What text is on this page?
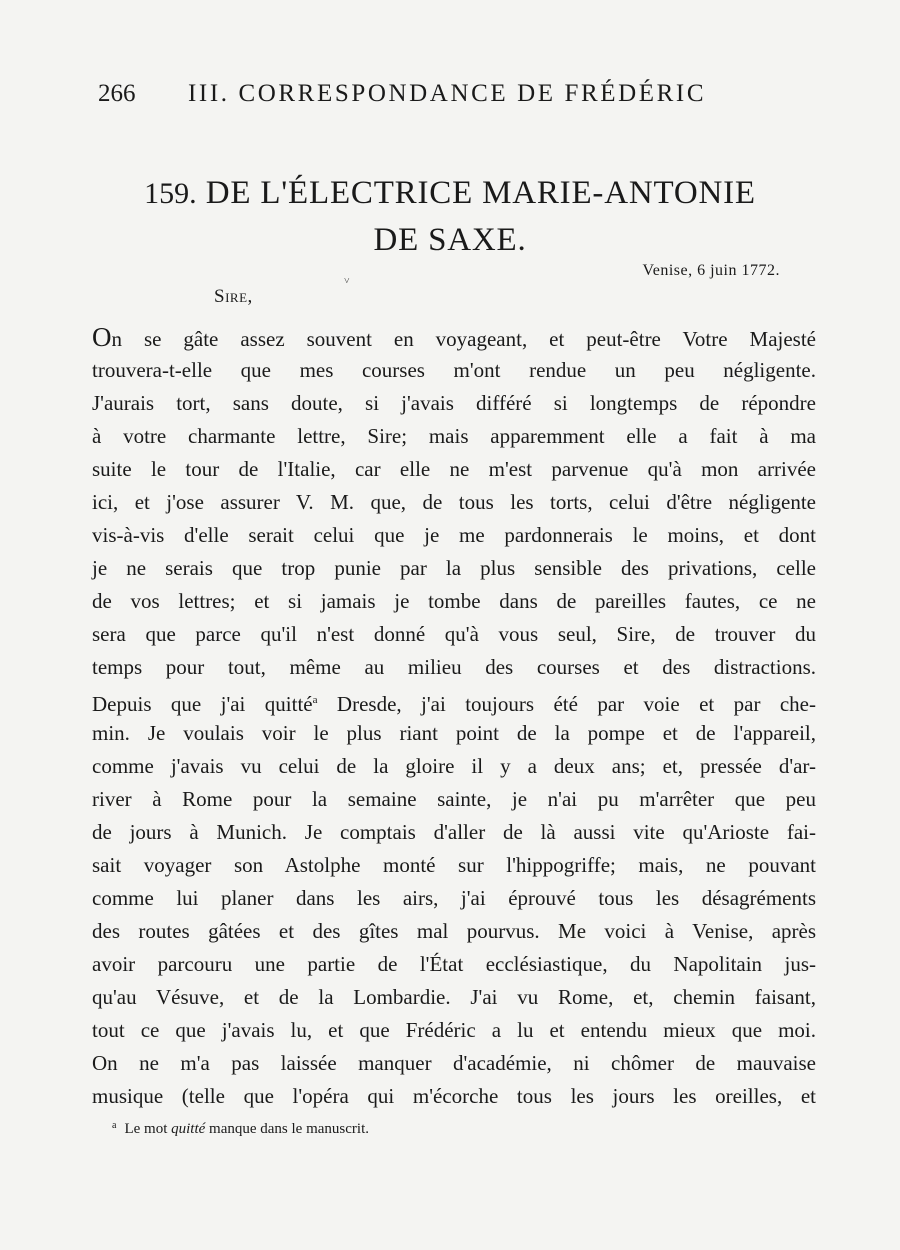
266 III. CORRESPONDANCE DE FRÉDÉRIC
159. DE L'ÉLECTRICE MARIE-ANTONIE
DE SAXE.
˅
Venise, 6 juin 1772.
Sire,
On se gâte assez souvent en voyageant, et peut-être Votre Majesté
trouvera-t-elle que mes courses m'ont rendue un peu négligente.
J'aurais tort, sans doute, si j'avais différé si longtemps de répondre
à votre charmante lettre, Sire; mais apparemment elle a fait à ma
suite le tour de l'Italie, car elle ne m'est parvenue qu'à mon arrivée
ici, et j'ose assurer V. M. que, de tous les torts, celui d'être négligente
vis-à-vis d'elle serait celui que je me pardonnerais le moins, et dont
je ne serais que trop punie par la plus sensible des privations, celle
de vos lettres; et si jamais je tombe dans de pareilles fautes, ce ne
sera que parce qu'il n'est donné qu'à vous seul, Sire, de trouver du
temps pour tout, même au milieu des courses et des distractions.
Depuis que j'ai quitté$^a$ Dresde, j'ai toujours été par voie et par che-
min. Je voulais voir le plus riant point de la pompe et de l'appareil,
comme j'avais vu celui de la gloire il y a deux ans; et, pressée d'ar-
river à Rome pour la semaine sainte, je n'ai pu m'arrêter que peu
de jours à Munich. Je comptais d'aller de là aussi vite qu'Arioste fai-
sait voyager son Astolphe monté sur l'hippogriffe; mais, ne pouvant
comme lui planer dans les airs, j'ai éprouvé tous les désagréments
des routes gâtées et des gîtes mal pourvus. Me voici à Venise, après
avoir parcouru une partie de l'État ecclésiastique, du Napolitain jus-
qu'au Vésuve, et de la Lombardie. J'ai vu Rome, et, chemin faisant,
tout ce que j'avais lu, et que Frédéric a lu et entendu mieux que moi.
On ne m'a pas laissée manquer d'académie, ni chômer de mauvaise
musique (telle que l'opéra qui m'écorche tous les jours les oreilles, et
$^a$ Le mot quitté manque dans le manuscrit.
